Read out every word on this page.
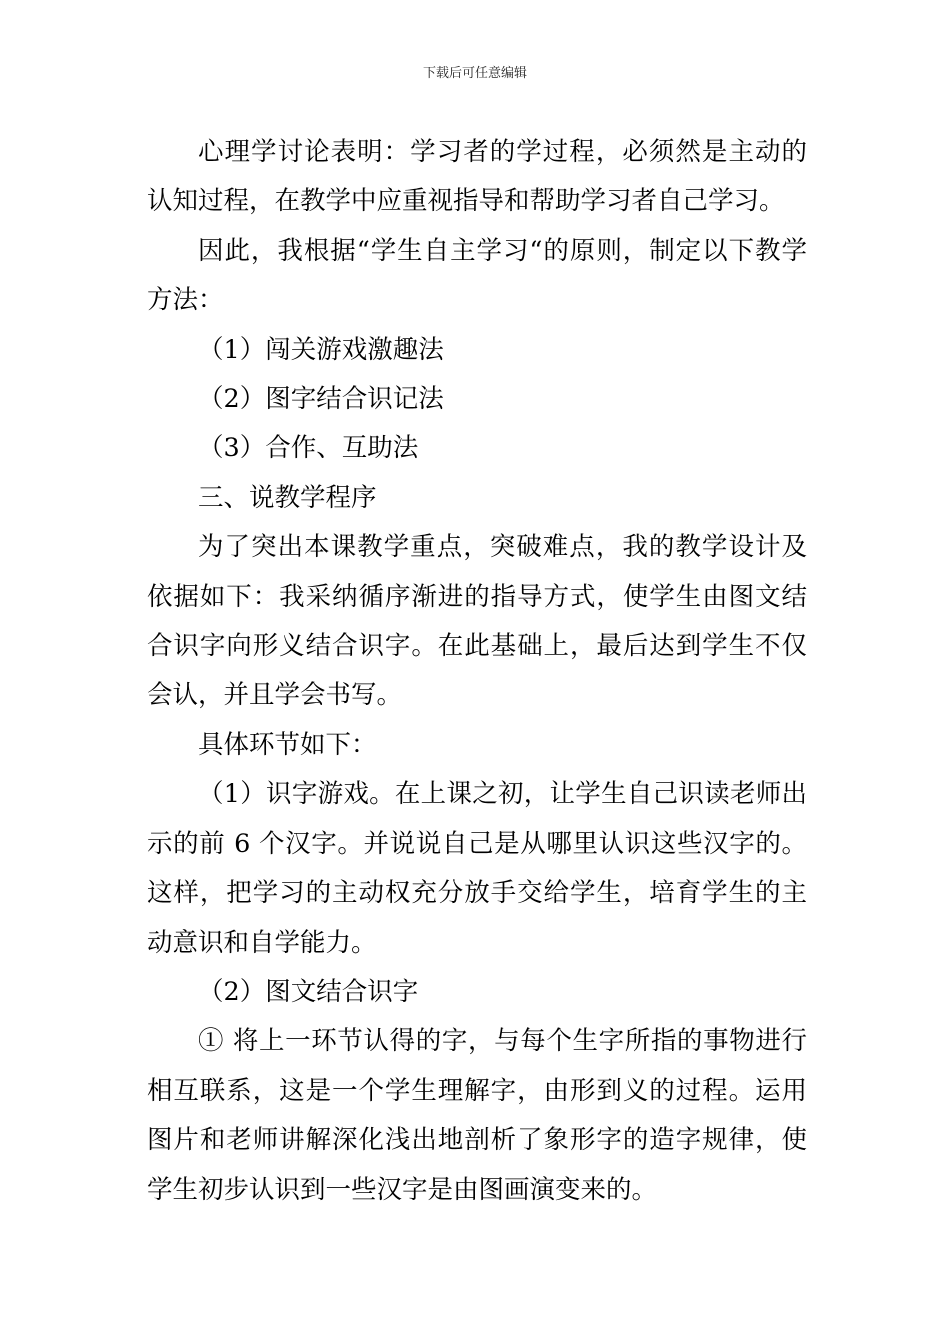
下载后可任意编辑

心理学讨论表明：学习者的学过程，必须然是主动的认知过程，在教学中应重视指导和帮助学习者自己学习。

因此，我根据“学生自主学习“的原则，制定以下教学方法：

（1）闯关游戏激趣法

（2）图字结合识记法

（3）合作、互助法

三、说教学程序

为了突出本课教学重点，突破难点，我的教学设计及依据如下：我采纳循序渐进的指导方式，使学生由图文结合识字向形义结合识字。在此基础上，最后达到学生不仅会认，并且学会书写。

具体环节如下：

（1）识字游戏。在上课之初，让学生自己识读老师出示的前 6 个汉字。并说说自己是从哪里认识这些汉字的。这样，把学习的主动权充分放手交给学生，培育学生的主动意识和自学能力。

（2）图文结合识字

① 将上一环节认得的字，与每个生字所指的事物进行相互联系，这是一个学生理解字，由形到义的过程。运用图片和老师讲解深化浅出地剖析了象形字的造字规律，使学生初步认识到一些汉字是由图画演变来的。
